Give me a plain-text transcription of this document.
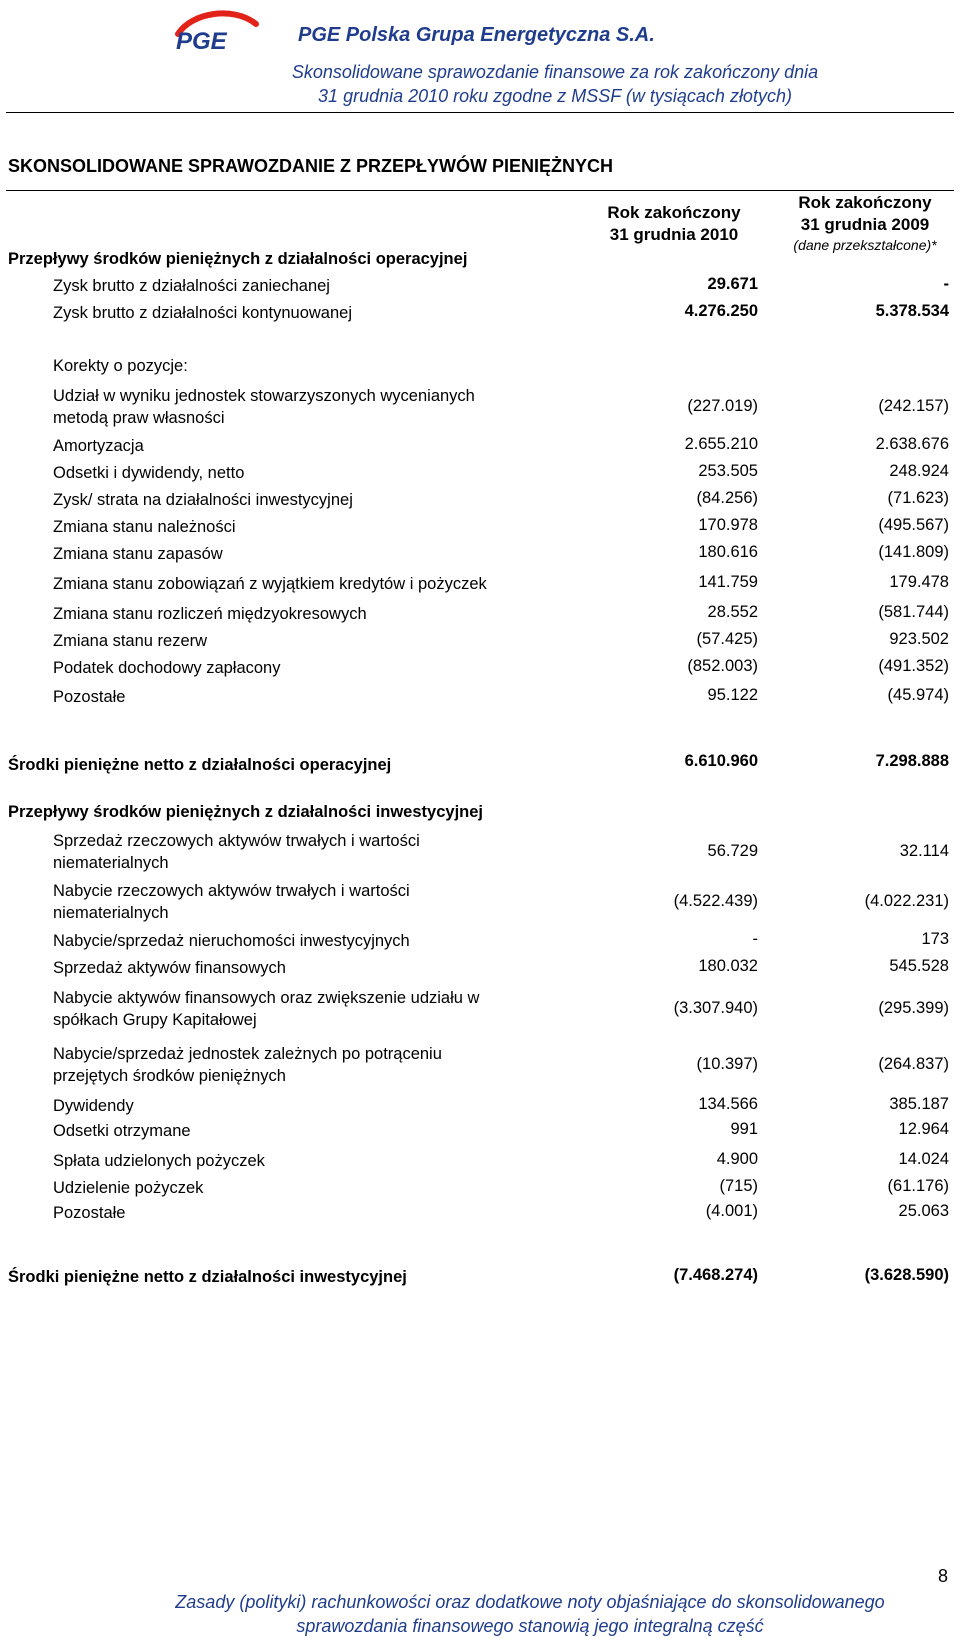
PGE	PGE Polska Grupa Energetyczna S.A.
Skonsolidowane sprawozdanie finansowe za rok zakończony dnia
31 grudnia 2010 roku zgodne z MSSF (w tysiącach złotych)
SKONSOLIDOWANE SPRAWOZDANIE Z PRZEPŁYWÓW PIENIĘŻNYCH
Rok zakończony
31 grudnia 2010
Rok zakończony
31 grudnia 2009
(dane przekształcone)*
Przepływy środków pieniężnych z działalności operacyjnej
Zysk brutto z działalności zaniechanej	29.671	-
Zysk brutto z działalności kontynuowanej	4.276.250	5.378.534
Korekty o pozycje:
Udział w wyniku jednostek stowarzyszonych wycenianych metodą praw własności
(227.019)	(242.157)
Amortyzacja	2.655.210	2.638.676
Odsetki i dywidendy, netto	253.505	248.924
Zysk/ strata na działalności inwestycyjnej	(84.256)	(71.623)
Zmiana stanu należności	170.978	(495.567)
Zmiana stanu zapasów	180.616	(141.809)
Zmiana stanu zobowiązań z wyjątkiem kredytów i pożyczek	141.759	179.478
Zmiana stanu rozliczeń międzyokresowych	28.552	(581.744)
Zmiana stanu rezerw	(57.425)	923.502
Podatek dochodowy zapłacony	(852.003)	(491.352)
Pozostałe	95.122	(45.974)
Środki pieniężne netto z działalności operacyjnej	6.610.960	7.298.888
Przepływy środków pieniężnych z działalności inwestycyjnej
Sprzedaż rzeczowych aktywów trwałych i wartości niematerialnych
56.729	32.114
Nabycie rzeczowych aktywów trwałych i wartości niematerialnych
(4.522.439)	(4.022.231)
Nabycie/sprzedaż nieruchomości inwestycyjnych	-	173
Sprzedaż aktywów finansowych	180.032	545.528
Nabycie aktywów finansowych oraz zwiększenie udziału w spółkach Grupy Kapitałowej
(3.307.940)	(295.399)
Nabycie/sprzedaż jednostek zależnych po potrąceniu przejętych środków pieniężnych
(10.397)	(264.837)
Dywidendy	134.566	385.187
Odsetki otrzymane	991	12.964
Spłata udzielonych pożyczek	4.900	14.024
Udzielenie pożyczek	(715)	(61.176)
Pozostałe	(4.001)	25.063
Środki pieniężne netto z działalności inwestycyjnej	(7.468.274)	(3.628.590)
8
Zasady (polityki) rachunkowości oraz dodatkowe noty objaśniające do skonsolidowanego
sprawozdania finansowego stanowią jego integralną część
